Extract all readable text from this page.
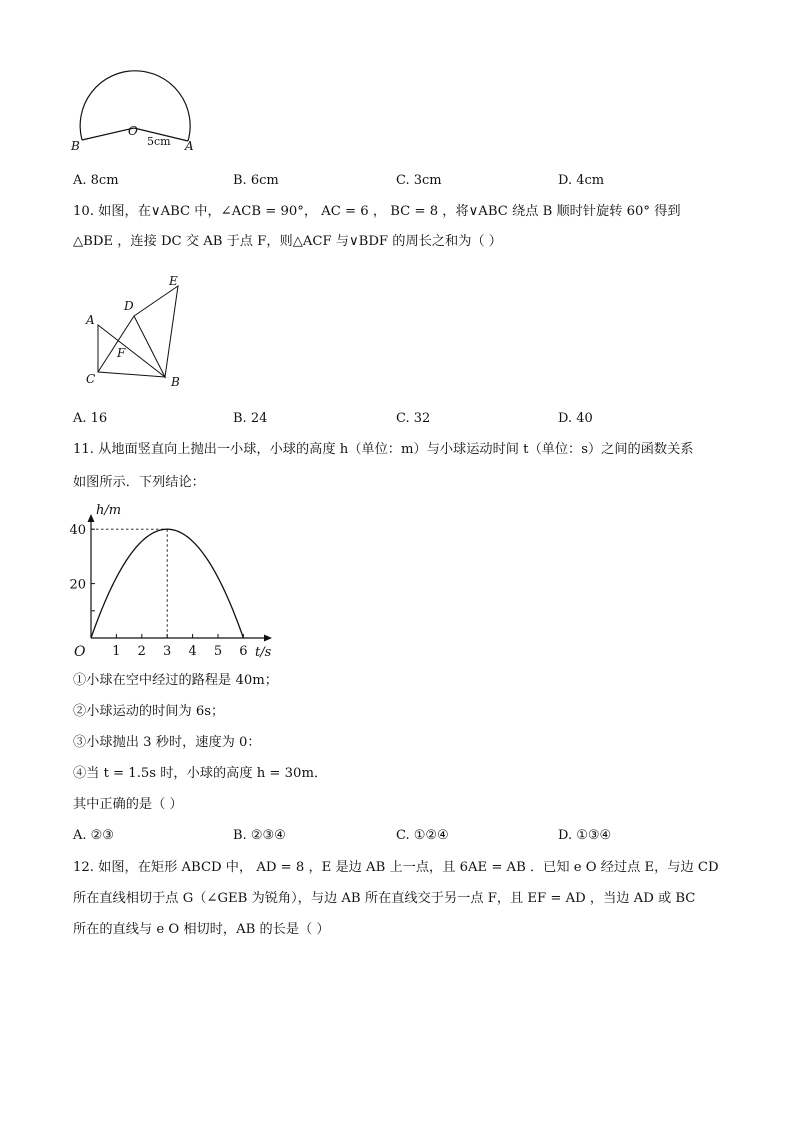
B
O
A
5cm
A. 8cm	B. 6cm	C. 3cm	D. 4cm
10. 如图，在∨ABC 中，∠ACB = 90°， AC = 6 ， BC = 8 ，将∨ABC 绕点 B 顺时针旋转 60° 得到
△BDE ，连接 DC 交 AB 于点 F，则△ACF 与∨BDF 的周长之和为（ ）
A
C	B
D
E
F
A. 16	B. 24	C. 32	D. 40
11. 从地面竖直向上抛出一小球，小球的高度 h（单位：m）与小球运动时间 t（单位：s）之间的函数关系
如图所示．下列结论：
1 2 3 4 5 6
20
40
h/m
t/s
O
①小球在空中经过的路程是 40m；
②小球运动的时间为 6s；
③小球抛出 3 秒时，速度为 0：
④当 t = 1.5s 时，小球的高度 h = 30m．
其中正确的是（ ）
A. ②③	B. ②③④	C. ①②④	D. ①③④
12. 如图，在矩形 ABCD 中， AD = 8 ，E 是边 AB 上一点，且 6AE = AB ．已知 e O 经过点 E，与边 CD
所在直线相切于点 G（∠GEB 为锐角），与边 AB 所在直线交于另一点 F，且 EF = AD ，当边 AD 或 BC
所在的直线与 e O 相切时，AB 的长是（ ）
